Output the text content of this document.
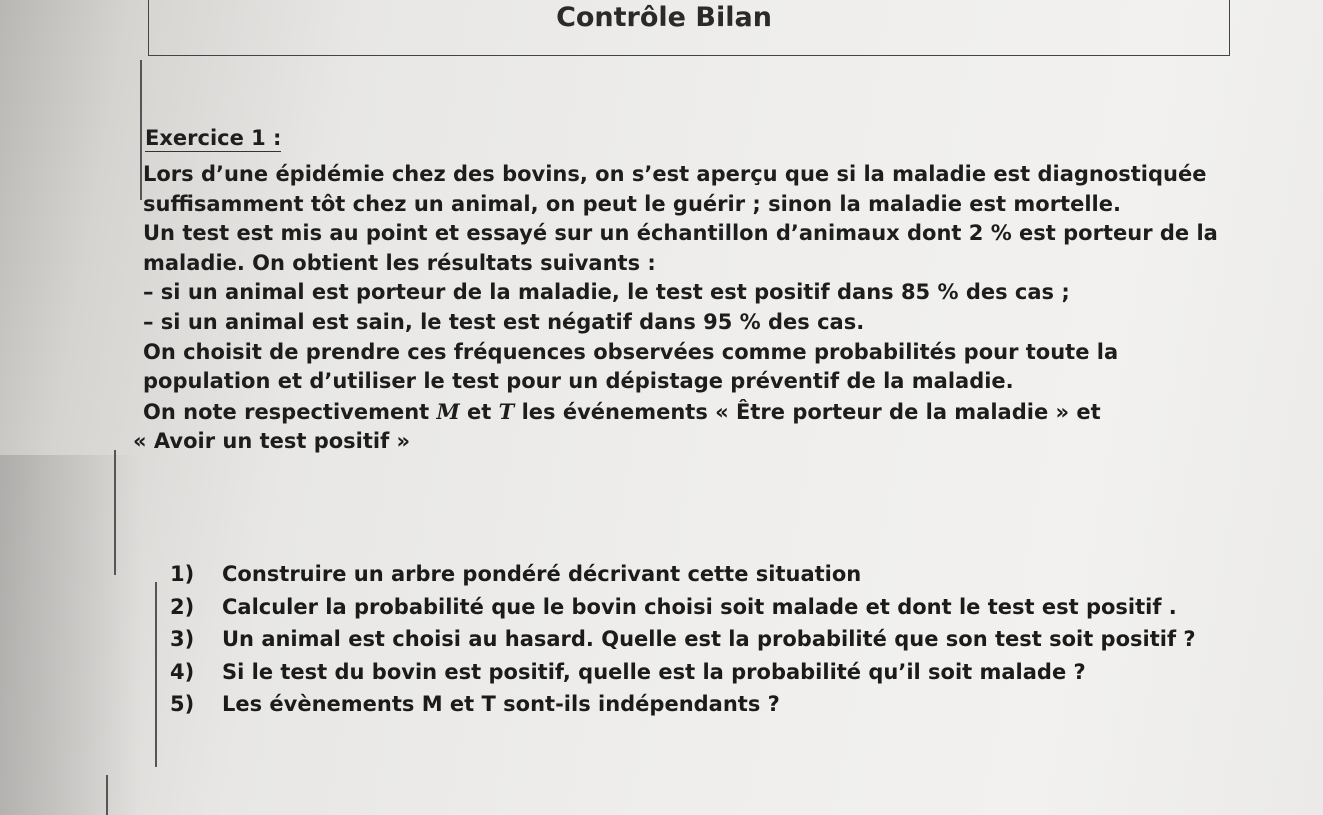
Contrôle Bilan
Exercice 1 :
Lors d’une épidémie chez des bovins, on s’est aperçu que si la maladie est diagnostiquée
suffisamment tôt chez un animal, on peut le guérir ; sinon la maladie est mortelle.
Un test est mis au point et essayé sur un échantillon d’animaux dont 2 % est porteur de la
maladie. On obtient les résultats suivants :
– si un animal est porteur de la maladie, le test est positif dans 85 % des cas ;
– si un animal est sain, le test est négatif dans 95 % des cas.
On choisit de prendre ces fréquences observées comme probabilités pour toute la
population et d’utiliser le test pour un dépistage préventif de la maladie.
On note respectivement M et T les événements « Être porteur de la maladie » et
« Avoir un test positif »
1)	Construire un arbre pondéré décrivant cette situation
2)	Calculer la probabilité que le bovin choisi soit malade et dont le test est positif .
3)	Un animal est choisi au hasard. Quelle est la probabilité que son test soit positif ?
4)	Si le test du bovin est positif, quelle est la probabilité qu’il soit malade ?
5)	Les évènements M et T sont-ils indépendants ?
